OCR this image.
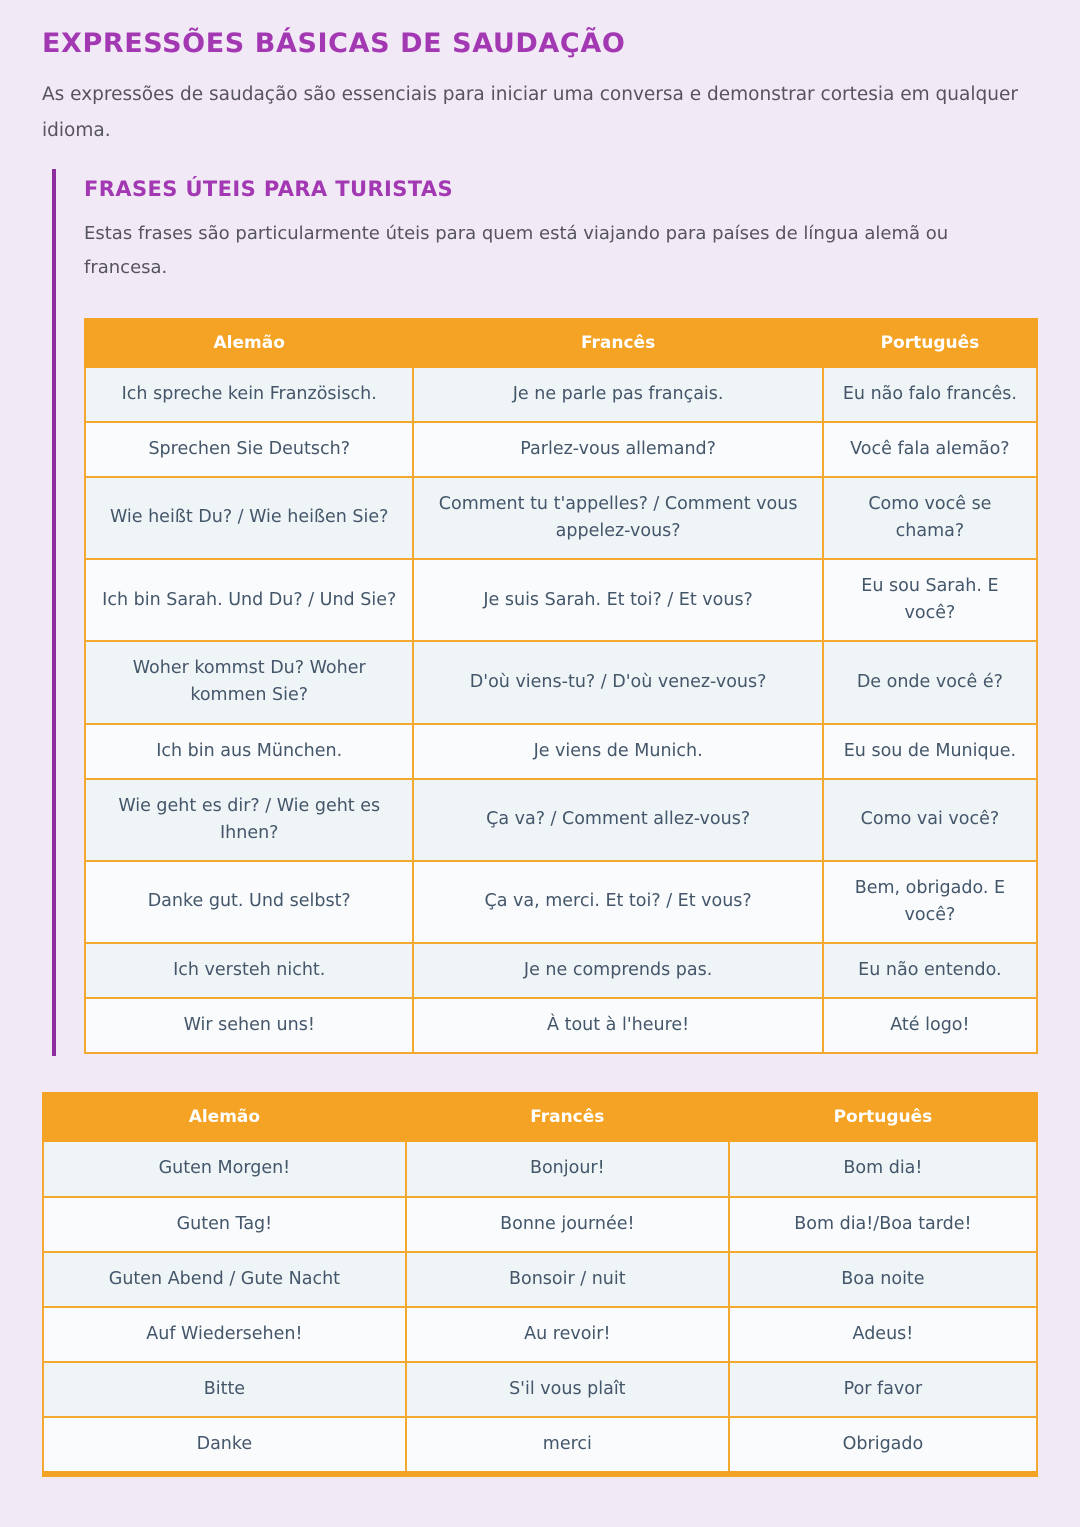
EXPRESSÕES BÁSICAS DE SAUDAÇÃO

As expressões de saudação são essenciais para iniciar uma conversa e demonstrar cortesia em qualquer idioma.

FRASES ÚTEIS PARA TURISTAS

Estas frases são particularmente úteis para quem está viajando para países de língua alemã ou francesa.

Alemão	Francês	Português
Ich spreche kein Französisch.	Je ne parle pas français.	Eu não falo francês.
Sprechen Sie Deutsch?	Parlez-vous allemand?	Você fala alemão?
Wie heißt Du? / Wie heißen Sie?	Comment tu t'appelles? / Comment vous appelez-vous?	Como você se chama?
Ich bin Sarah. Und Du? / Und Sie?	Je suis Sarah. Et toi? / Et vous?	Eu sou Sarah. E você?
Woher kommst Du? Woher kommen Sie?	D'où viens-tu? / D'où venez-vous?	De onde você é?
Ich bin aus München.	Je viens de Munich.	Eu sou de Munique.
Wie geht es dir? / Wie geht es Ihnen?	Ça va? / Comment allez-vous?	Como vai você?
Danke gut. Und selbst?	Ça va, merci. Et toi? / Et vous?	Bem, obrigado. E você?
Ich versteh nicht.	Je ne comprends pas.	Eu não entendo.
Wir sehen uns!	À tout à l'heure!	Até logo!
Alemão	Francês	Português
Guten Morgen!	Bonjour!	Bom dia!
Guten Tag!	Bonne journée!	Bom dia!/Boa tarde!
Guten Abend / Gute Nacht	Bonsoir / nuit	Boa noite
Auf Wiedersehen!	Au revoir!	Adeus!
Bitte	S'il vous plaît	Por favor
Danke	merci	Obrigado
